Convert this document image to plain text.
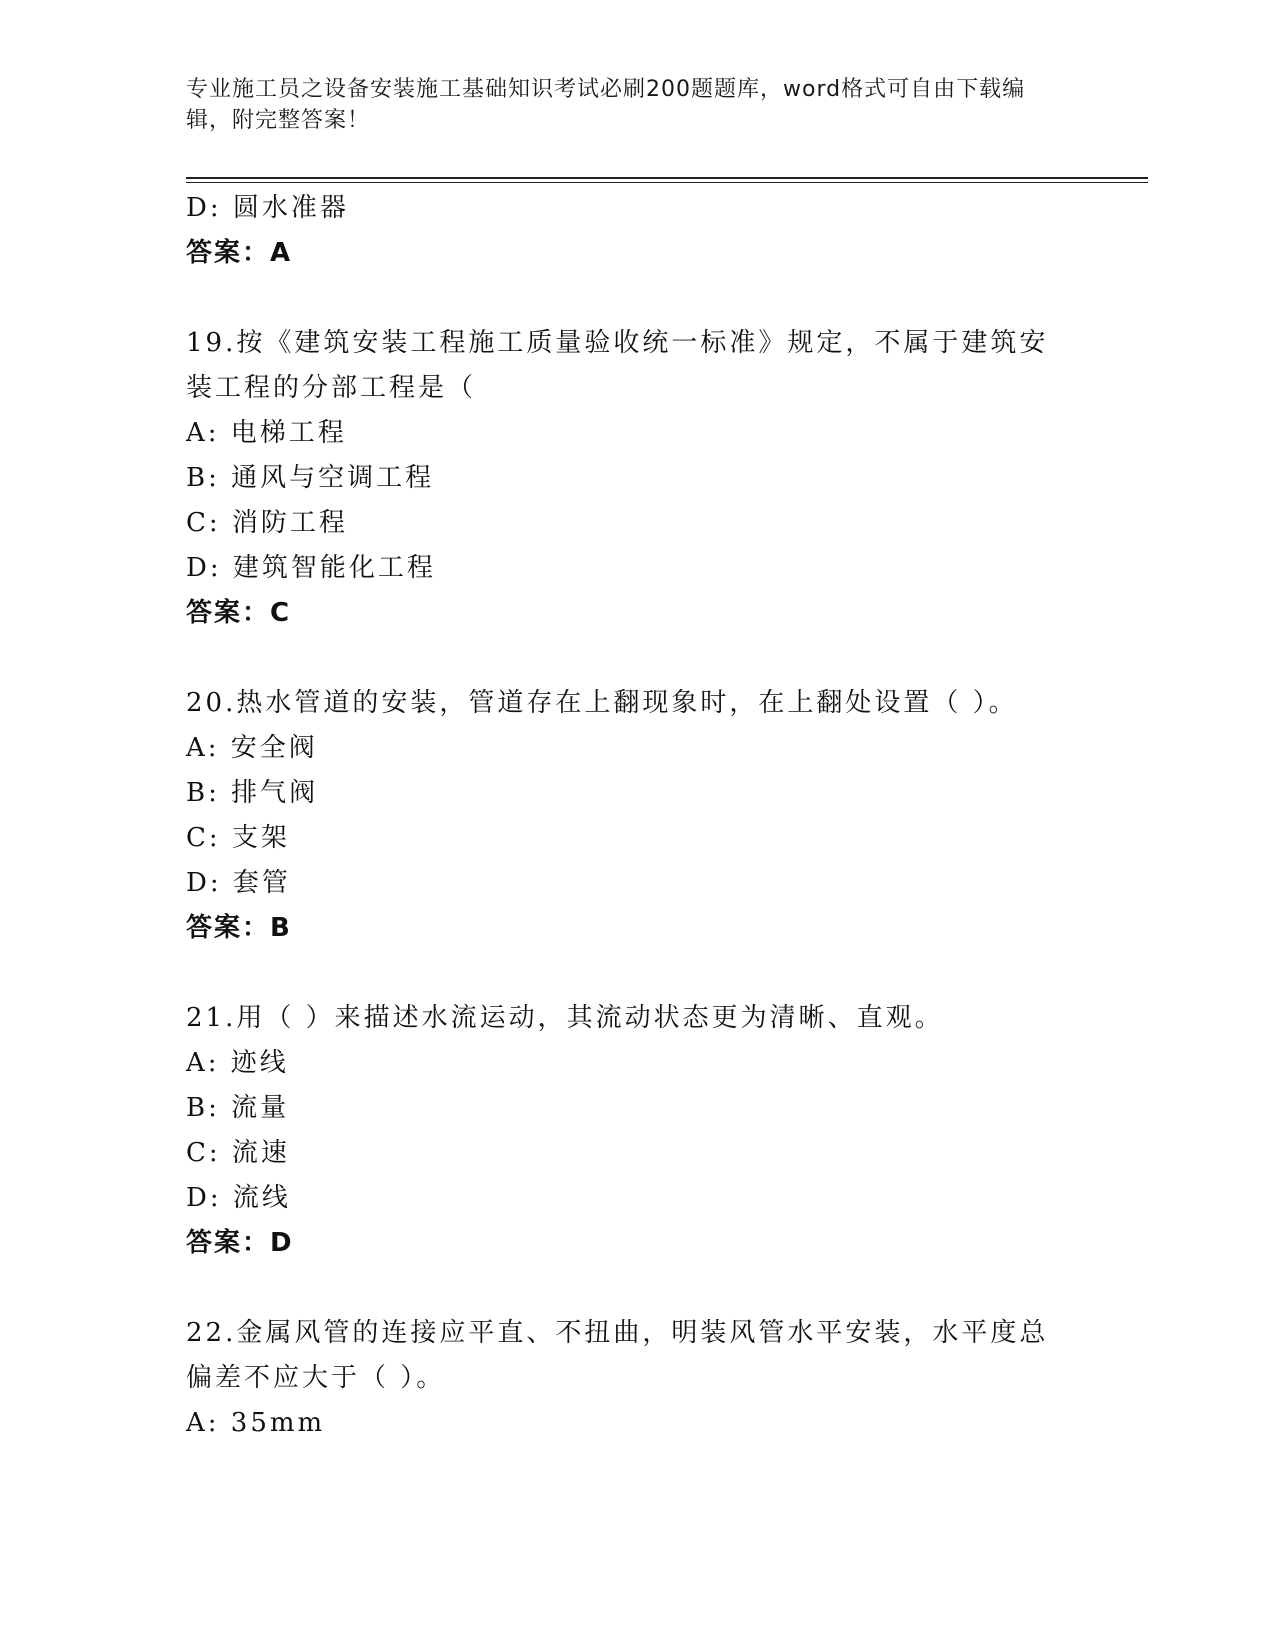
专业施工员之设备安装施工基础知识考试必刷200题题库，word格式可自由下载编辑，附完整答案！
D: 圆水准器
答案：A
19.按《建筑安装工程施工质量验收统一标准》规定，不属于建筑安装工程的分部工程是（
A: 电梯工程
B: 通风与空调工程
C: 消防工程
D: 建筑智能化工程
答案：C
20.热水管道的安装，管道存在上翻现象时，在上翻处设置（ ）。
A: 安全阀
B: 排气阀
C: 支架
D: 套管
答案：B
21.用（ ）来描述水流运动，其流动状态更为清晰、直观。
A: 迹线
B: 流量
C: 流速
D: 流线
答案：D
22.金属风管的连接应平直、不扭曲，明装风管水平安装，水平度总偏差不应大于（ ）。
A: 35mm
